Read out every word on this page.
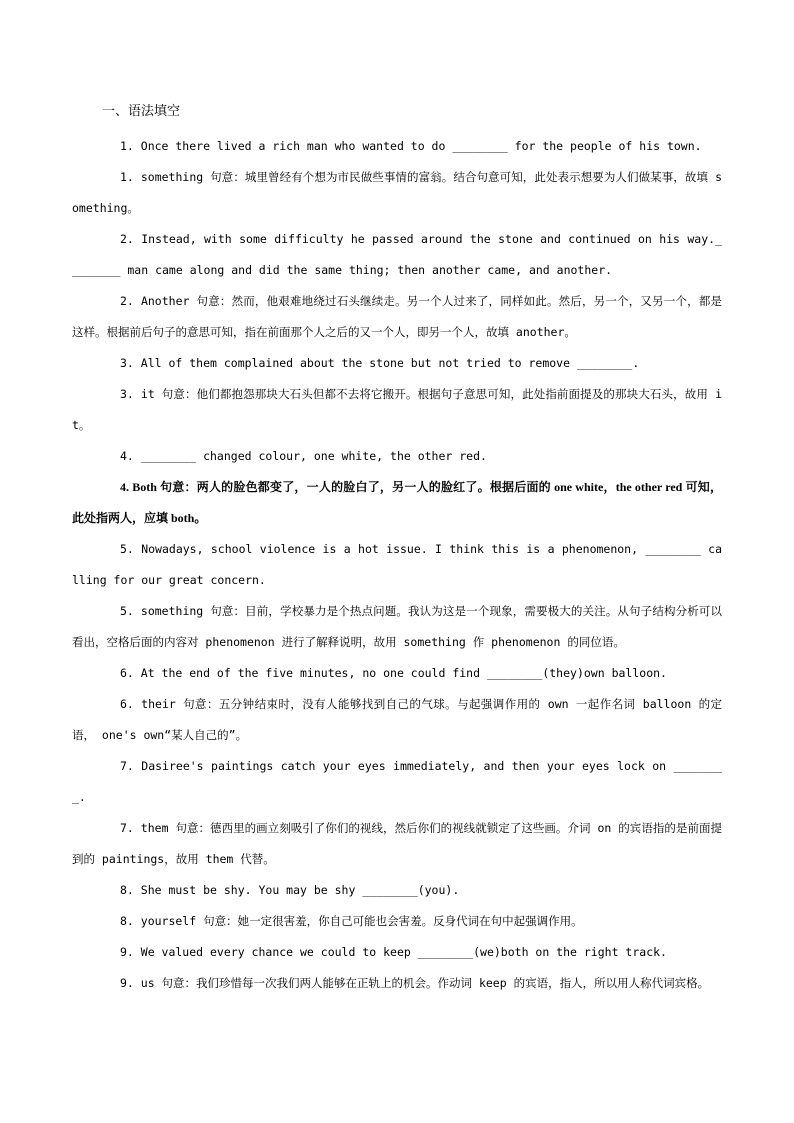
一、语法填空

1. Once there lived a rich man who wanted to do ________ for the people of his town.

1. something 句意：城里曾经有个想为市民做些事情的富翁。结合句意可知，此处表示想要为人们做某事，故填 something。

2. Instead, with some difficulty he passed around the stone and continued on his way.________ man came along and did the same thing; then another came, and another.

2. Another 句意：然而，他艰难地绕过石头继续走。另一个人过来了，同样如此。然后，另一个，又另一个，都是这样。根据前后句子的意思可知，指在前面那个人之后的又一个人，即另一个人，故填 another。

3. All of them complained about the stone but not tried to remove ________.

3. it 句意：他们都抱怨那块大石头但都不去将它搬开。根据句子意思可知，此处指前面提及的那块大石头，故用 it。

4. ________ changed colour, one white, the other red.

4. Both 句意：两人的脸色都变了，一人的脸白了，另一人的脸红了。根据后面的 one white，the other red 可知，此处指两人，应填 both。

5. Nowadays, school violence is a hot issue. I think this is a phenomenon, ________ calling for our great concern.

5. something 句意：目前，学校暴力是个热点问题。我认为这是一个现象，需要极大的关注。从句子结构分析可以看出，空格后面的内容对 phenomenon 进行了解释说明，故用 something 作 phenomenon 的同位语。

6. At the end of the five minutes, no one could find ________(they)own balloon.

6. their 句意：五分钟结束时，没有人能够找到自己的气球。与起强调作用的 own 一起作名词 balloon 的定语， one's own“某人自己的”。

7. Dasiree's paintings catch your eyes immediately, and then your eyes lock on ________.

7. them 句意：德西里的画立刻吸引了你们的视线，然后你们的视线就锁定了这些画。介词 on 的宾语指的是前面提到的 paintings，故用 them 代替。

8. She must be shy. You may be shy ________(you).

8. yourself 句意：她一定很害羞，你自己可能也会害羞。反身代词在句中起强调作用。

9. We valued every chance we could to keep ________(we)both on the right track.

9. us 句意：我们珍惜每一次我们两人能够在正轨上的机会。作动词 keep 的宾语，指人，所以用人称代词宾格。
